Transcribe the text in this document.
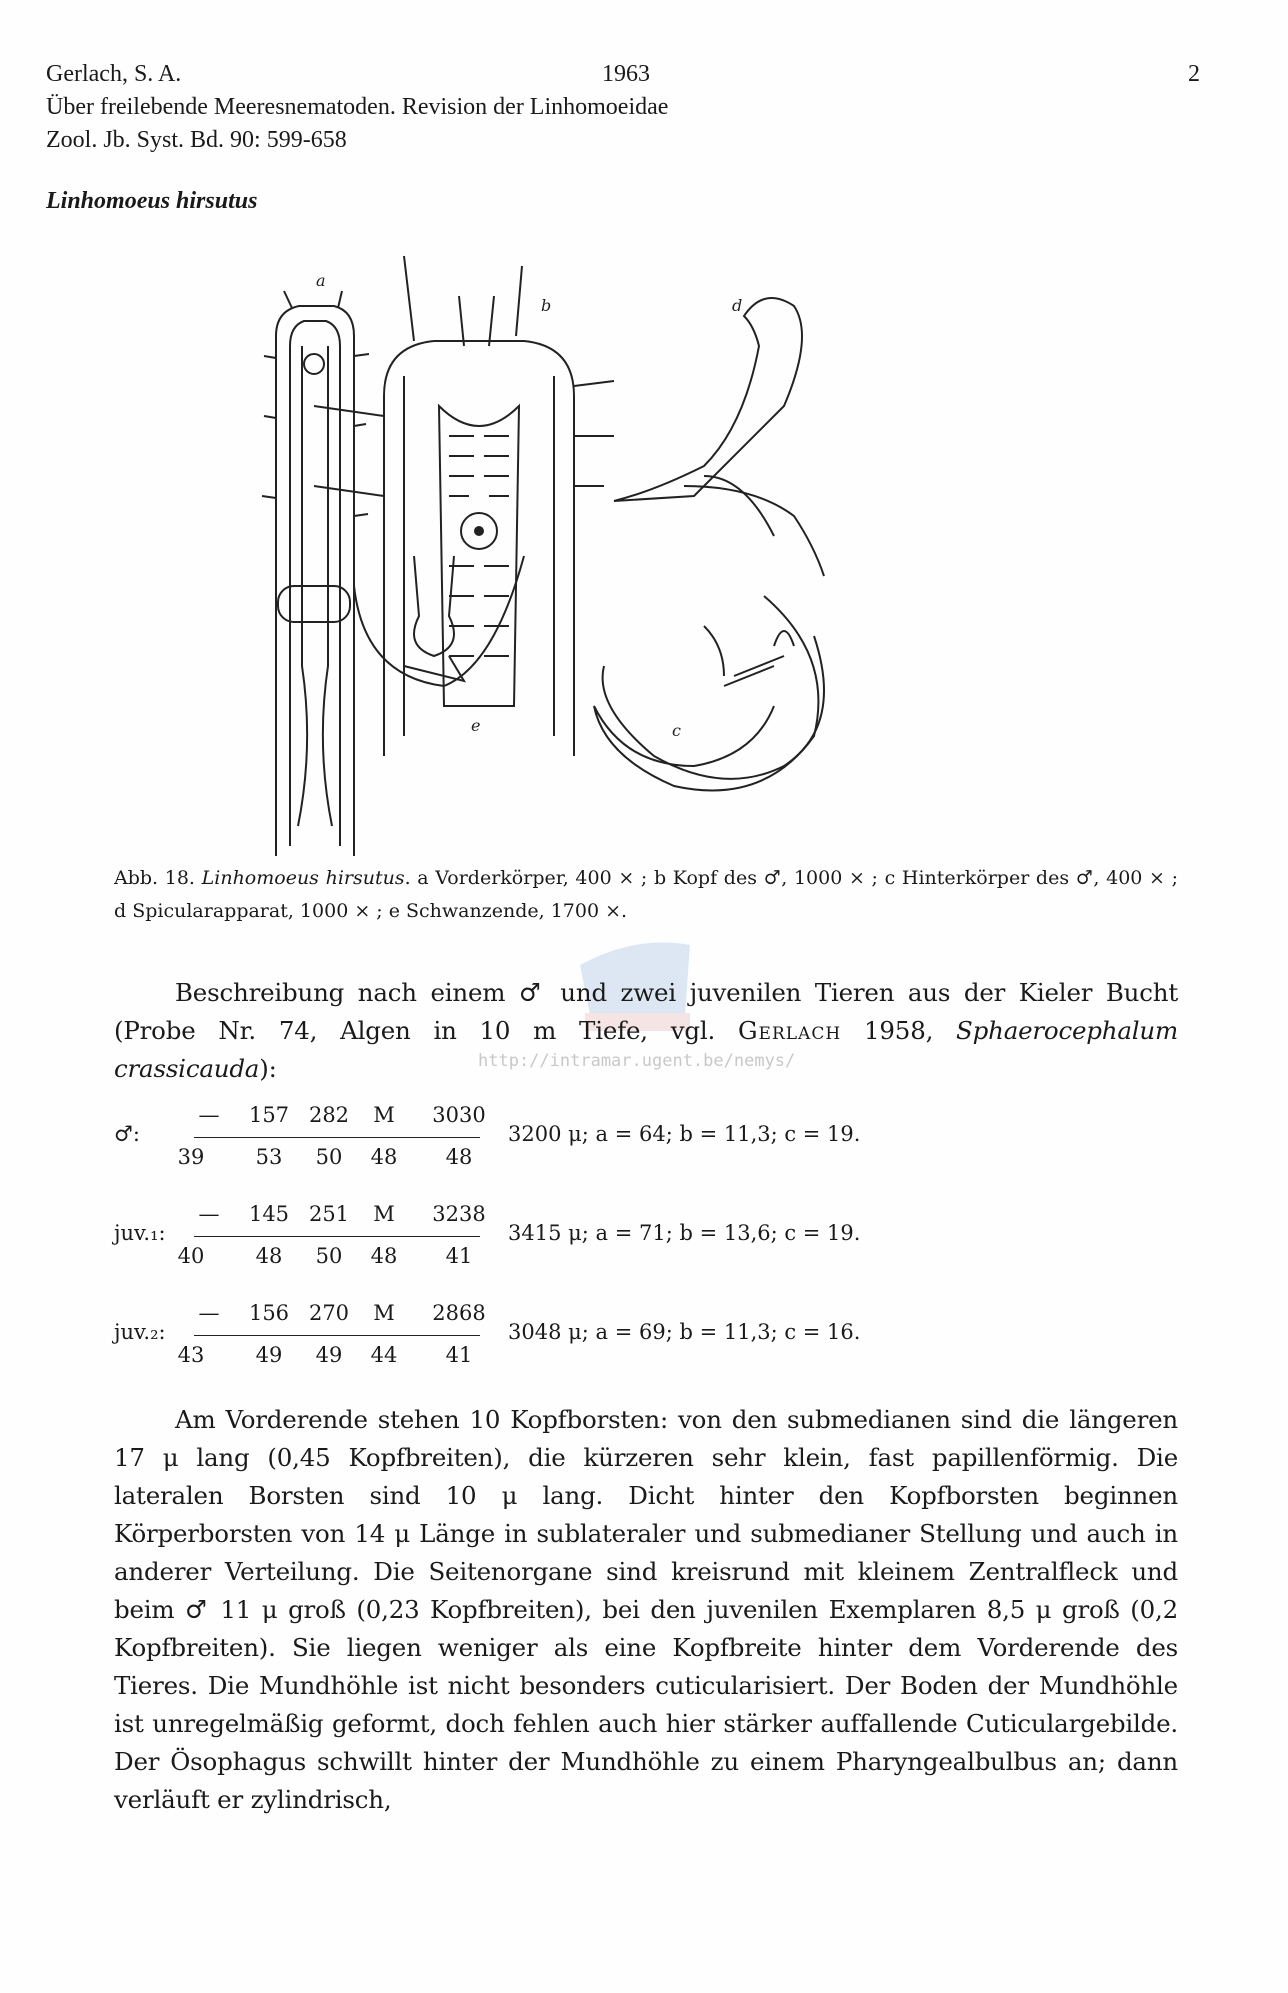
Gerlach, S. A.	1963	2
Über freilebende Meeresnematoden. Revision der Linhomoeidae
Zool. Jb. Syst. Bd. 90: 599-658
Linhomoeus hirsutus
a
b
c
d
e
Abb. 18. Linhomoeus hirsutus. a Vorderkörper, 400 × ; b Kopf des ♂, 1000 × ; c Hinterkörper des ♂, 400 × ; d Spicularapparat, 1000 × ; e Schwanzende, 1700 ×.
http://intramar.ugent.be/nemys/

Beschreibung nach einem ♂ und zwei juvenilen Tieren aus der Kieler Bucht (Probe Nr. 74, Algen in 10 m Tiefe, vgl. Gerlach 1958, Sphaerocephalum crassicauda):

♂:
—	157 282	M	3030
39	53	50	48	48
3200 μ; a = 64; b = 11,3; c = 19.
juv.₁:
—	145 251	M	3238
40	48	50	48	41
3415 μ; a = 71; b = 13,6; c = 19.
juv.₂:
—	156 270	M	2868
43	49	49	44	41
3048 μ; a = 69; b = 11,3; c = 16.

Am Vorderende stehen 10 Kopfborsten: von den submedianen sind die längeren 17 μ lang (0,45 Kopfbreiten), die kürzeren sehr klein, fast papillenförmig. Die lateralen Borsten sind 10 μ lang. Dicht hinter den Kopfborsten beginnen Körperborsten von 14 μ Länge in sublateraler und submedianer Stellung und auch in anderer Verteilung. Die Seitenorgane sind kreisrund mit kleinem Zentralfleck und beim ♂ 11 μ groß (0,23 Kopfbreiten), bei den juvenilen Exemplaren 8,5 μ groß (0,2 Kopfbreiten). Sie liegen weniger als eine Kopfbreite hinter dem Vorderende des Tieres. Die Mundhöhle ist nicht besonders cuticularisiert. Der Boden der Mundhöhle ist unregelmäßig geformt, doch fehlen auch hier stärker auffallende Cuticulargebilde. Der Ösophagus schwillt hinter der Mundhöhle zu einem Pharyngealbulbus an; dann verläuft er zylindrisch,
